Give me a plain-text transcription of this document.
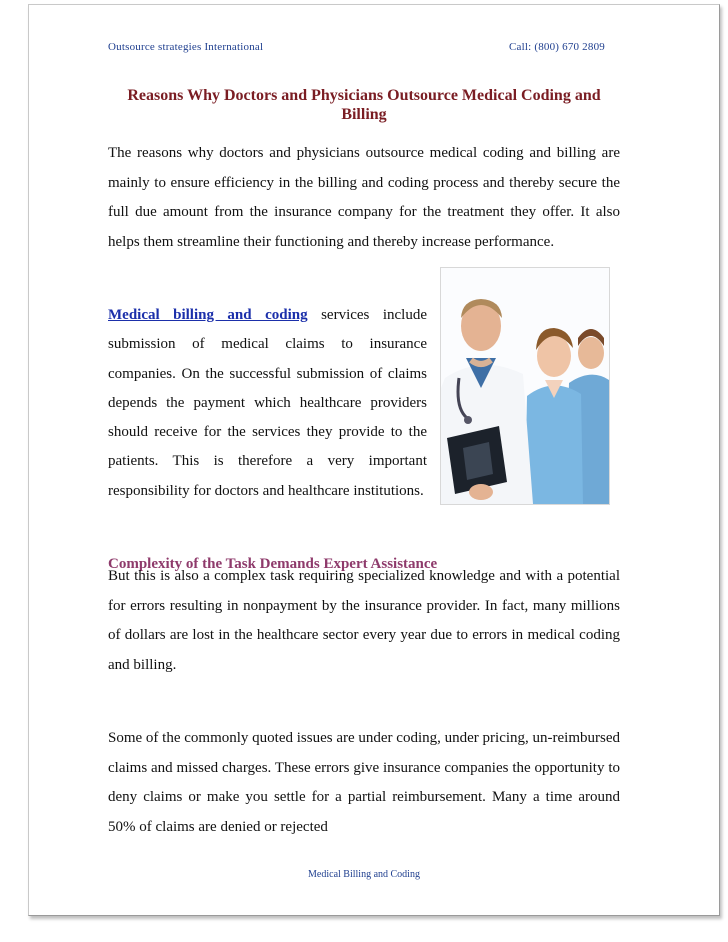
Outsource strategies International	Call: (800) 670 2809
Reasons Why Doctors and Physicians Outsource Medical Coding and Billing

The reasons why doctors and physicians outsource medical coding and billing are mainly to ensure efficiency in the billing and coding process and thereby secure the full due amount from the insurance company for the treatment they offer. It also helps them streamline their functioning and thereby increase performance.

Medical billing and coding services include submission of medical claims to insurance companies. On the successful submission of claims depends the payment which healthcare providers should receive for the services they provide to the patients. This is therefore a very important responsibility for doctors and healthcare institutions.

Complexity of the Task Demands Expert Assistance

But this is also a complex task requiring specialized knowledge and with a potential for errors resulting in nonpayment by the insurance provider. In fact, many millions of dollars are lost in the healthcare sector every year due to errors in medical coding and billing.

Some of the commonly quoted issues are under coding, under pricing, un-reimbursed claims and missed charges. These errors give insurance companies the opportunity to deny claims or make you settle for a partial reimbursement. Many a time around 50% of claims are denied or rejected

Medical Billing and Coding
